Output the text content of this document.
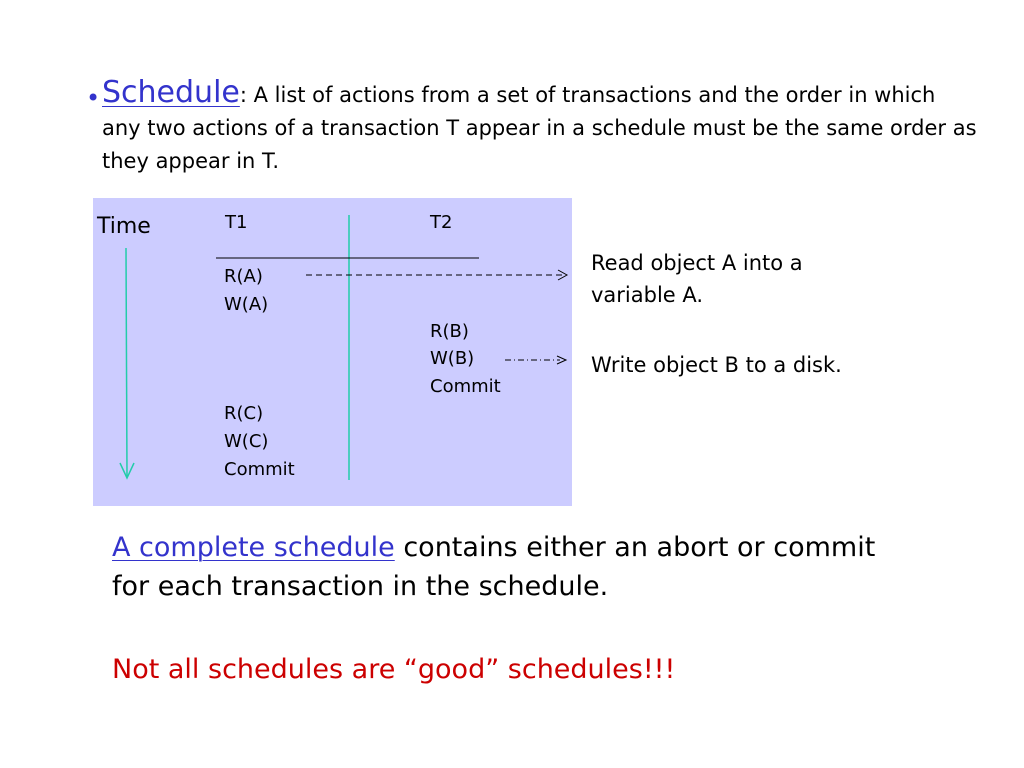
• Schedule: A list of actions from a set of transactions and the order in which any two actions of a transaction T appear in a schedule must be the same order as they appear in T.
Time	T1	T2
R(A)
W(A)
R(B)
W(B)
Commit
R(C)
W(C)
Commit
Read object A into a
variable A.
Write object B to a disk.
A complete schedule contains either an abort or commit for each transaction in the schedule.
Not all schedules are “good” schedules!!!
